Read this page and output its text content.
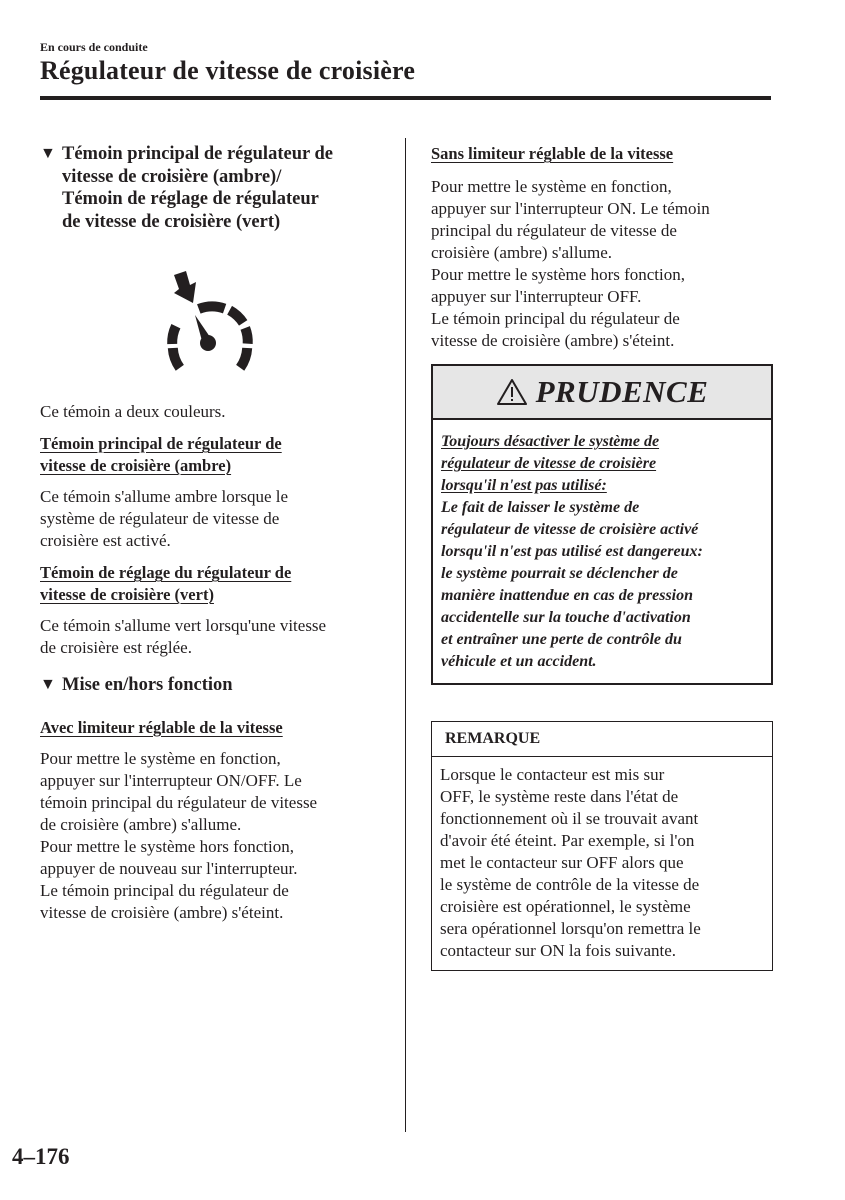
En cours de conduite
Régulateur de vitesse de croisière
▼ Témoin principal de régulateur de
vitesse de croisière (ambre)/
Témoin de réglage de régulateur
de vitesse de croisière (vert)
Ce témoin a deux couleurs.
Témoin principal de régulateur de
vitesse de croisière (ambre)
Ce témoin s'allume ambre lorsque le
système de régulateur de vitesse de
croisière est activé.
Témoin de réglage du régulateur de
vitesse de croisière (vert)
Ce témoin s'allume vert lorsqu'une vitesse
de croisière est réglée.
▼ Mise en/hors fonction
Avec limiteur réglable de la vitesse
Pour mettre le système en fonction,
appuyer sur l'interrupteur ON/OFF. Le
témoin principal du régulateur de vitesse
de croisière (ambre) s'allume.
Pour mettre le système hors fonction,
appuyer de nouveau sur l'interrupteur.
Le témoin principal du régulateur de
vitesse de croisière (ambre) s'éteint.
Sans limiteur réglable de la vitesse
Pour mettre le système en fonction,
appuyer sur l'interrupteur ON. Le témoin
principal du régulateur de vitesse de
croisière (ambre) s'allume.
Pour mettre le système hors fonction,
appuyer sur l'interrupteur OFF.
Le témoin principal du régulateur de
vitesse de croisière (ambre) s'éteint.
PRUDENCE
Toujours désactiver le système de
régulateur de vitesse de croisière
lorsqu'il n'est pas utilisé:
Le fait de laisser le système de
régulateur de vitesse de croisière activé
lorsqu'il n'est pas utilisé est dangereux:
le système pourrait se déclencher de
manière inattendue en cas de pression
accidentelle sur la touche d'activation
et entraîner une perte de contrôle du
véhicule et un accident.
REMARQUE
Lorsque le contacteur est mis sur
OFF, le système reste dans l'état de
fonctionnement où il se trouvait avant
d'avoir été éteint. Par exemple, si l'on
met le contacteur sur OFF alors que
le système de contrôle de la vitesse de
croisière est opérationnel, le système
sera opérationnel lorsqu'on remettra le
contacteur sur ON la fois suivante.
4–176
